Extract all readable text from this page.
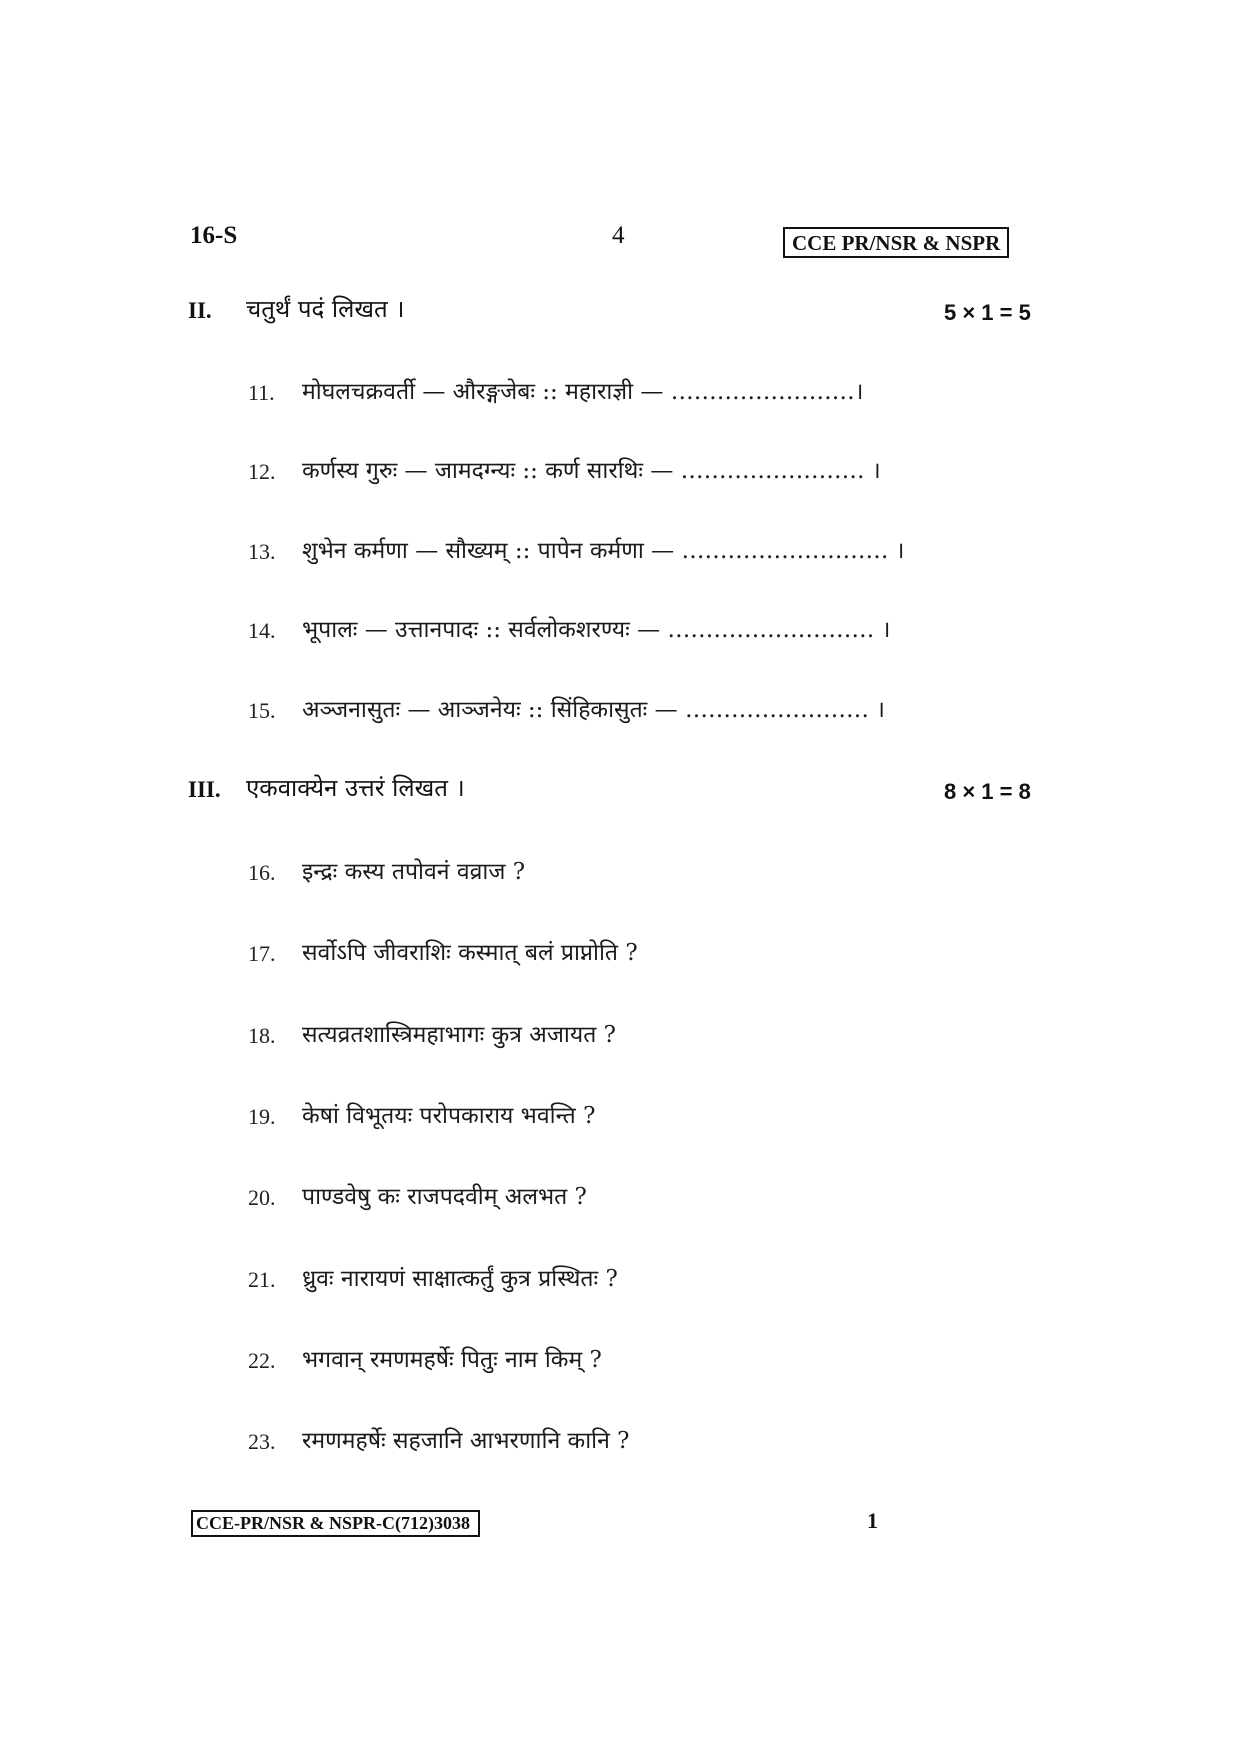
16-S	4	CCE PR/NSR & NSPR
II. चतुर्थं पदं लिखत ।	5 × 1 = 5
11. मोघलचक्रवर्ती — औरङ्गजेबः :: महाराज्ञी — ……………………।
12. कर्णस्य गुरुः — जामदग्न्यः :: कर्ण सारथिः — …………………… ।
13. शुभेन कर्मणा — सौख्यम् :: पापेन कर्मणा — ……………………… ।
14. भूपालः — उत्तानपादः :: सर्वलोकशरण्यः — ……………………… ।
15. अञ्जनासुतः — आञ्जनेयः :: सिंहिकासुतः — …………………… ।
III. एकवाक्येन उत्तरं लिखत ।	8 × 1 = 8
16. इन्द्रः कस्य तपोवनं वव्राज ?
17. सर्वोऽपि जीवराशिः कस्मात् बलं प्राप्नोति ?
18. सत्यव्रतशास्त्रिमहाभागः कुत्र अजायत ?
19. केषां विभूतयः परोपकाराय भवन्ति ?
20. पाण्डवेषु कः राजपदवीम् अलभत ?
21. ध्रुवः नारायणं साक्षात्कर्तुं कुत्र प्रस्थितः ?
22. भगवान् रमणमहर्षेः पितुः नाम किम् ?
23. रमणमहर्षेः सहजानि आभरणानि कानि ?
CCE-PR/NSR & NSPR-C(712)3038	1
